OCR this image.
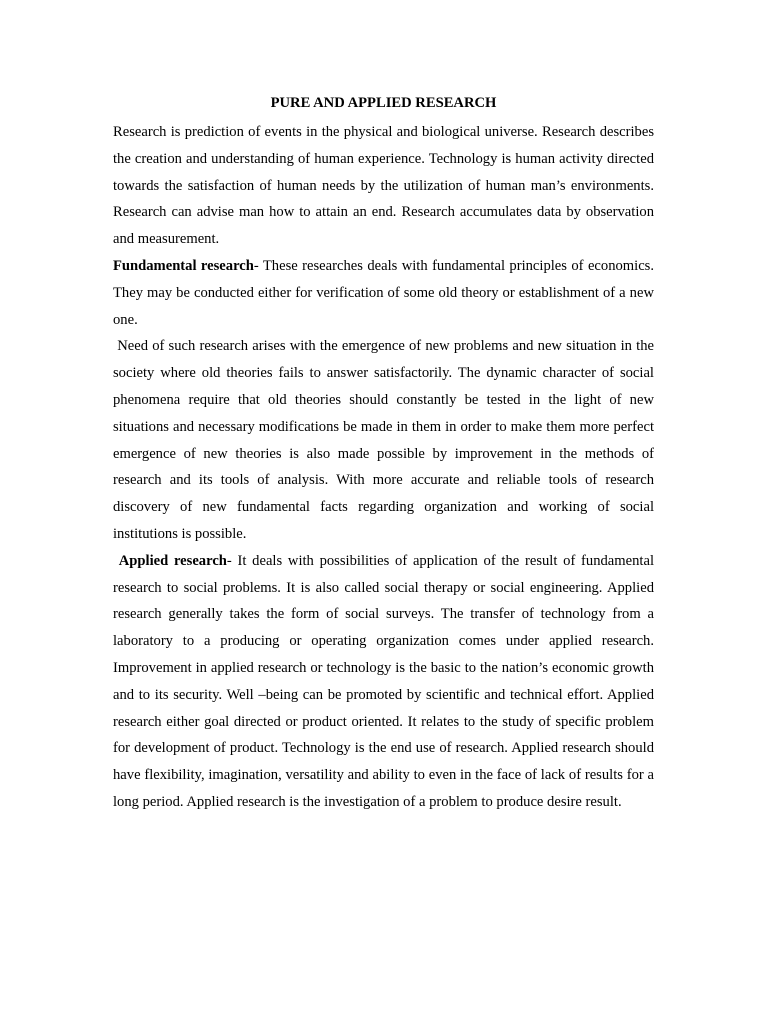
PURE AND APPLIED RESEARCH

Research is prediction of events in the physical and biological universe. Research describes the creation and understanding of human experience. Technology is human activity directed towards the satisfaction of human needs by the utilization of human man’s environments. Research can advise man how to attain an end. Research accumulates data by observation and measurement.

Fundamental research- These researches deals with fundamental principles of economics. They may be conducted either for verification of some old theory or establishment of a new one.

Need of such research arises with the emergence of new problems and new situation in the society where old theories fails to answer satisfactorily. The dynamic character of social phenomena require that old theories should constantly be tested in the light of new situations and necessary modifications be made in them in order to make them more perfect emergence of new theories is also made possible by improvement in the methods of research and its tools of analysis. With more accurate and reliable tools of research discovery of new fundamental facts regarding organization and working of social institutions is possible.

Applied research- It deals with possibilities of application of the result of fundamental research to social problems. It is also called social therapy or social engineering. Applied research generally takes the form of social surveys. The transfer of technology from a laboratory to a producing or operating organization comes under applied research. Improvement in applied research or technology is the basic to the nation’s economic growth and to its security. Well –being can be promoted by scientific and technical effort. Applied research either goal directed or product oriented. It relates to the study of specific problem for development of product. Technology is the end use of research. Applied research should have flexibility, imagination, versatility and ability to even in the face of lack of results for a long period. Applied research is the investigation of a problem to produce desire result.
